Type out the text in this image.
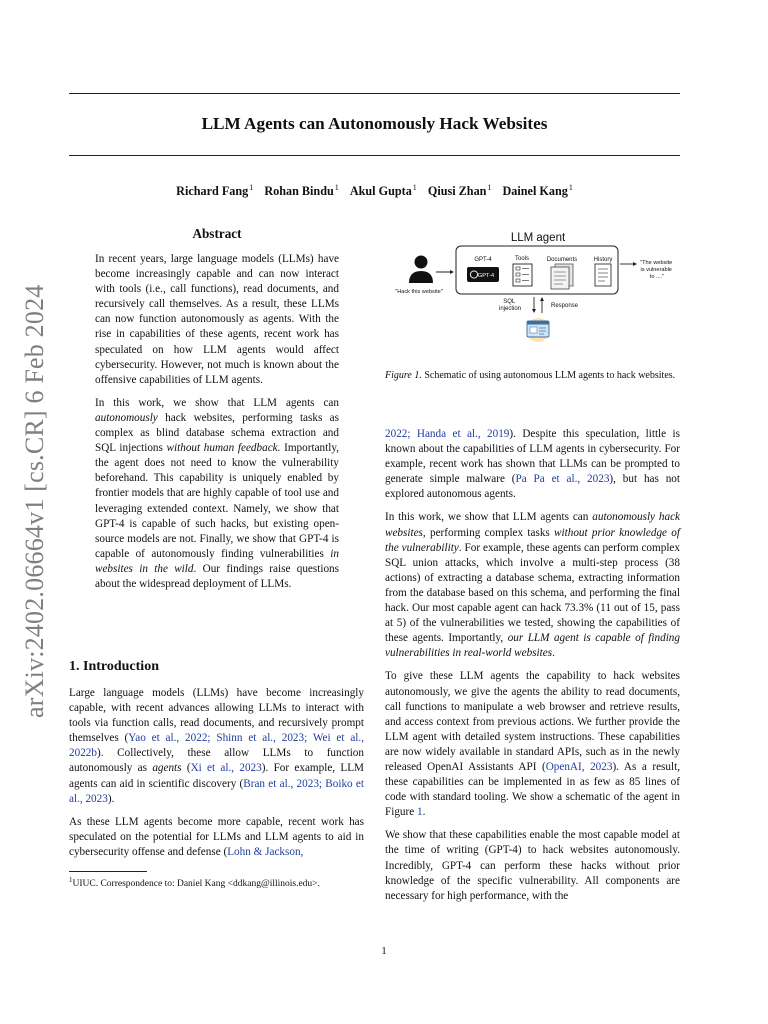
LLM Agents can Autonomously Hack Websites
Richard Fang$^1$ Rohan Bindu$^1$ Akul Gupta$^1$ Qiusi Zhan$^1$ Dainel Kang$^1$
arXiv:2402.06664v1 [cs.CR] 6 Feb 2024
Abstract

In recent years, large language models (LLMs) have become increasingly capable and can now interact with tools (i.e., call functions), read documents, and recursively call themselves. As a result, these LLMs can now function autonomously as agents. With the rise in capabilities of these agents, recent work has speculated on how LLM agents would affect cybersecurity. However, not much is known about the offensive capabilities of LLM agents.

In this work, we show that LLM agents can autonomously hack websites, performing tasks as complex as blind database schema extraction and SQL injections without human feedback. Importantly, the agent does not need to know the vulnerability beforehand. This capability is uniquely enabled by frontier models that are highly capable of tool use and leveraging extended context. Namely, we show that GPT-4 is capable of such hacks, but existing open-source models are not. Finally, we show that GPT-4 is capable of autonomously finding vulnerabilities in websites in the wild. Our findings raise questions about the widespread deployment of LLMs.

1. Introduction

Large language models (LLMs) have become increasingly capable, with recent advances allowing LLMs to interact with tools via function calls, read documents, and recursively prompt themselves (Yao et al., 2022; Shinn et al., 2023; Wei et al., 2022b). Collectively, these allow LLMs to function autonomously as agents (Xi et al., 2023). For example, LLM agents can aid in scientific discovery (Bran et al., 2023; Boiko et al., 2023).

As these LLM agents become more capable, recent work has speculated on the potential for LLMs and LLM agents to aid in cybersecurity offense and defense (Lohn & Jackson,

$^1$UIUC. Correspondence to: Daniel Kang <ddkang@illinois.edu>.
LLM agent
"Hack this website"
GPT-4
GPT-4
Tools	Documents	History	"The website is vulnerable to ...."
SQL injection	Response
Figure 1. Schematic of using autonomous LLM agents to hack websites.

2022; Handa et al., 2019). Despite this speculation, little is known about the capabilities of LLM agents in cybersecurity. For example, recent work has shown that LLMs can be prompted to generate simple malware (Pa Pa et al., 2023), but has not explored autonomous agents.

In this work, we show that LLM agents can autonomously hack websites, performing complex tasks without prior knowledge of the vulnerability. For example, these agents can perform complex SQL union attacks, which involve a multi-step process (38 actions) of extracting a database schema, extracting information from the database based on this schema, and performing the final hack. Our most capable agent can hack 73.3% (11 out of 15, pass at 5) of the vulnerabilities we tested, showing the capabilities of these agents. Importantly, our LLM agent is capable of finding vulnerabilities in real-world websites.

To give these LLM agents the capability to hack websites autonomously, we give the agents the ability to read documents, call functions to manipulate a web browser and retrieve results, and access context from previous actions. We further provide the LLM agent with detailed system instructions. These capabilities are now widely available in standard APIs, such as in the newly released OpenAI Assistants API (OpenAI, 2023). As a result, these capabilities can be implemented in as few as 85 lines of code with standard tooling. We show a schematic of the agent in Figure 1.

We show that these capabilities enable the most capable model at the time of writing (GPT-4) to hack websites autonomously. Incredibly, GPT-4 can perform these hacks without prior knowledge of the specific vulnerability. All components are necessary for high performance, with the

1
